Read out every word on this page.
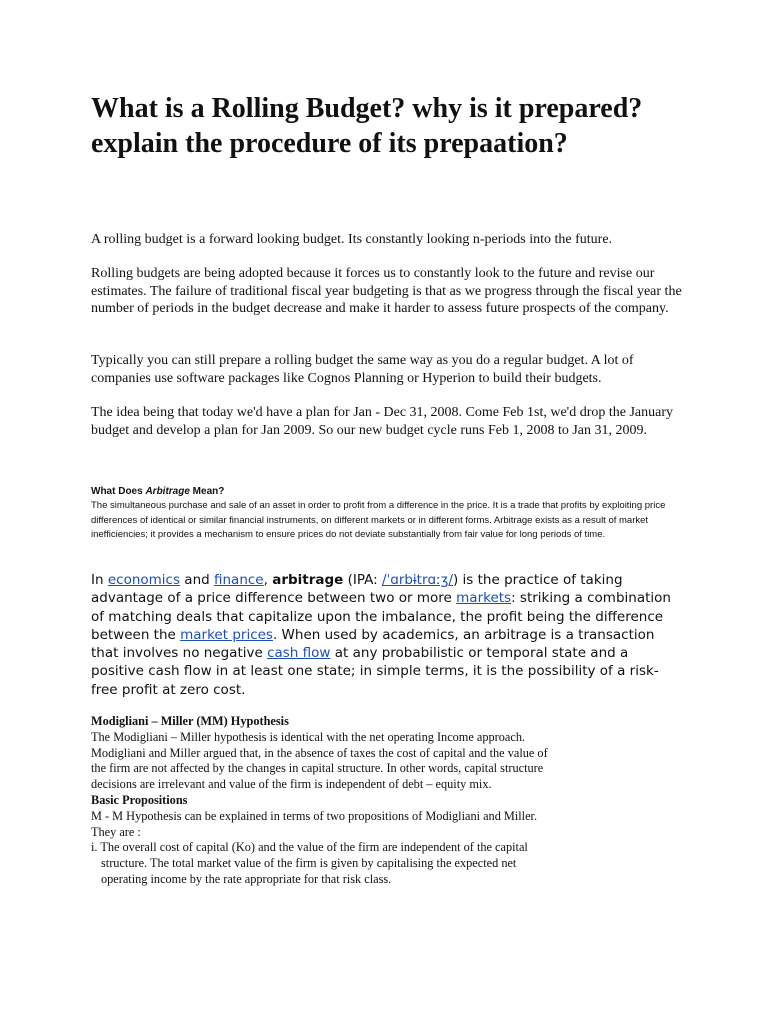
What is a Rolling Budget? why is it prepared? explain the procedure of its prepaation?

A rolling budget is a forward looking budget. Its constantly looking n-periods into the future.

Rolling budgets are being adopted because it forces us to constantly look to the future and revise our estimates. The failure of traditional fiscal year budgeting is that as we progress through the fiscal year the number of periods in the budget decrease and make it harder to assess future prospects of the company.

Typically you can still prepare a rolling budget the same way as you do a regular budget. A lot of companies use software packages like Cognos Planning or Hyperion to build their budgets.

The idea being that today we'd have a plan for Jan - Dec 31, 2008. Come Feb 1st, we'd drop the January budget and develop a plan for Jan 2009. So our new budget cycle runs Feb 1, 2008 to Jan 31, 2009.

What Does Arbitrage Mean?

The simultaneous purchase and sale of an asset in order to profit from a difference in the price. It is a trade that profits by exploiting price differences of identical or similar financial instruments, on different markets or in different forms. Arbitrage exists as a result of market inefficiencies; it provides a mechanism to ensure prices do not deviate substantially from fair value for long periods of time.

In economics and finance, arbitrage (IPA: /ˈɑrbɨtrɑːʒ/) is the practice of taking advantage of a price difference between two or more markets: striking a combination of matching deals that capitalize upon the imbalance, the profit being the difference between the market prices. When used by academics, an arbitrage is a transaction that involves no negative cash flow at any probabilistic or temporal state and a positive cash flow in at least one state; in simple terms, it is the possibility of a risk-free profit at zero cost.

Modigliani – Miller (MM) Hypothesis
The Modigliani – Miller hypothesis is identical with the net operating Income approach.
Modigliani and Miller argued that, in the absence of taxes the cost of capital and the value of
the firm are not affected by the changes in capital structure. In other words, capital structure
decisions are irrelevant and value of the firm is independent of debt – equity mix.
Basic Propositions
M - M Hypothesis can be explained in terms of two propositions of Modigliani and Miller.
They are :
i. The overall cost of capital (Ko) and the value of the firm are independent of the capital
structure. The total market value of the firm is given by capitalising the expected net
operating income by the rate appropriate for that risk class.
